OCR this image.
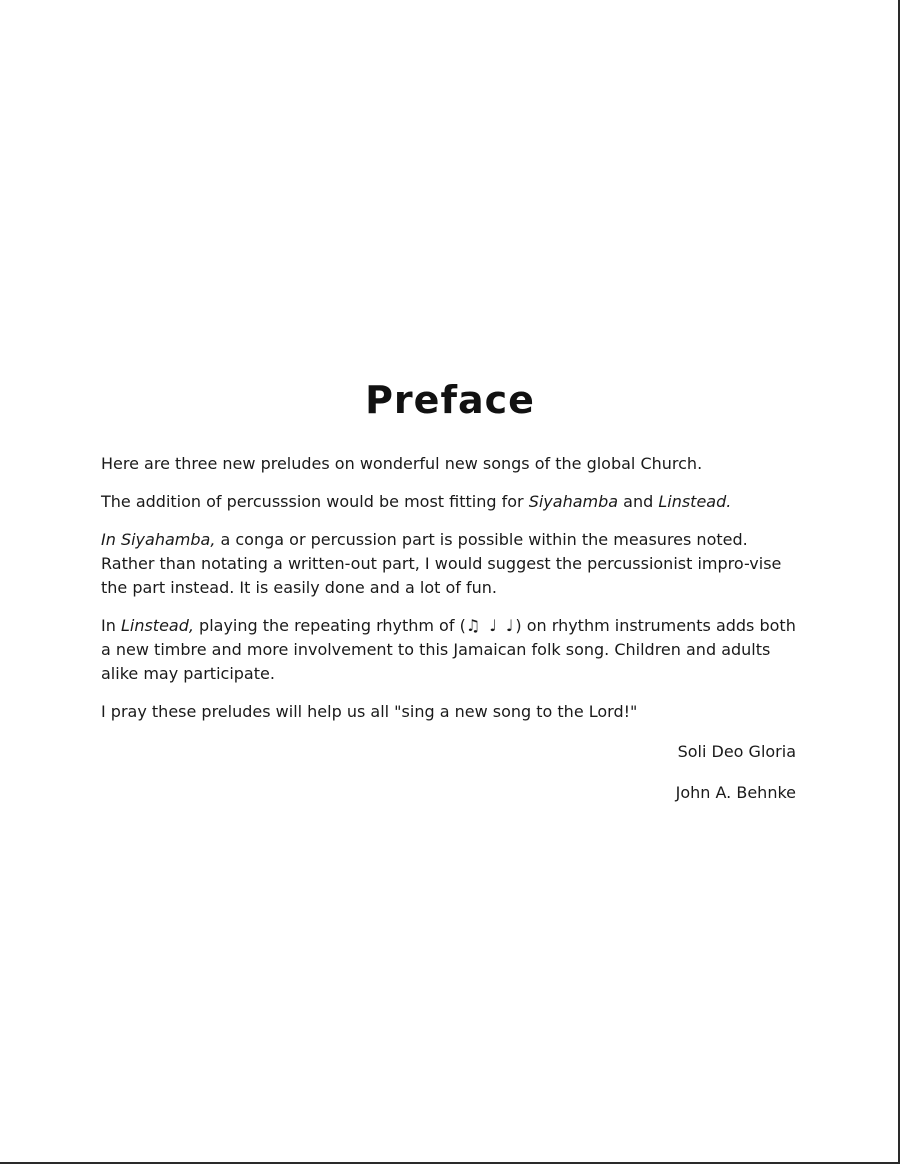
Preface

Here are three new preludes on wonderful new songs of the global Church.

The addition of percusssion would be most fitting for Siyahamba and Linstead.

In Siyahamba, a conga or percussion part is possible within the measures noted. Rather than notating a written-out part, I would suggest the percussionist impro-vise the part instead. It is easily done and a lot of fun.

In Linstead, playing the repeating rhythm of (♫ ♩ ♩) on rhythm instruments adds both a new timbre and more involvement to this Jamaican folk song. Children and adults alike may participate.

I pray these preludes will help us all "sing a new song to the Lord!"

Soli Deo Gloria
John A. Behnke
